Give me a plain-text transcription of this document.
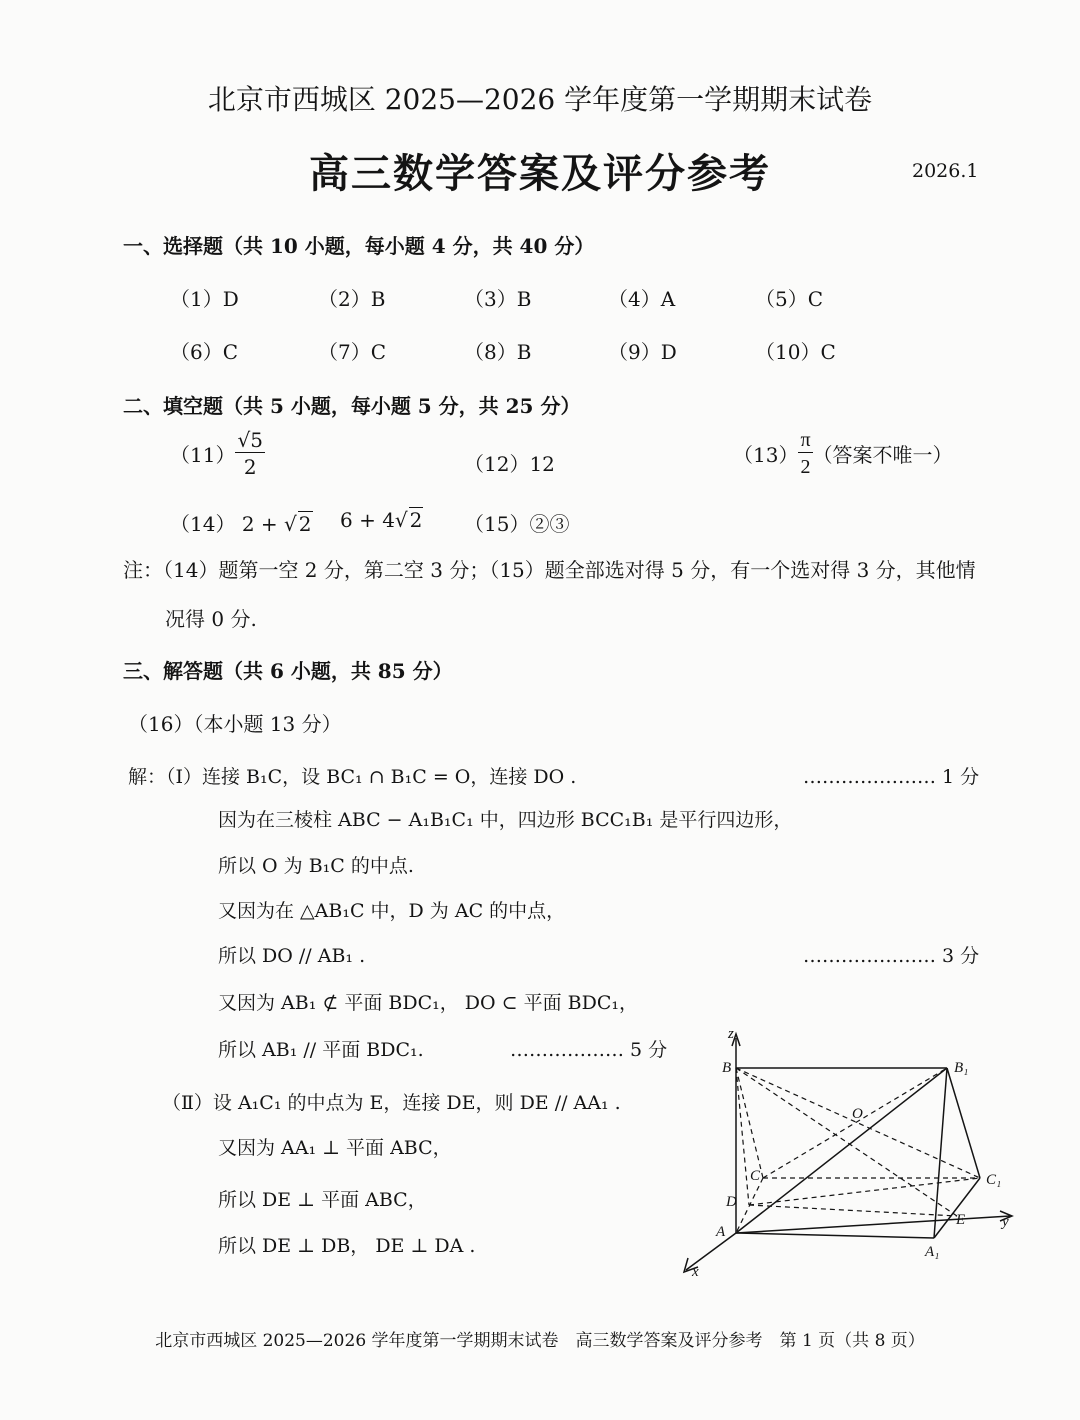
北京市西城区 2025—2026 学年度第一学期期末试卷
高三数学答案及评分参考	2026.1
一、选择题（共 10 小题，每小题 4 分，共 40 分）
（1）D	（2）B	（3）B	（4）A	（5）C
（6）C	（7）C	（8）B	（9）D	（10）C
二、填空题（共 5 小题，每小题 5 分，共 25 分）
$(11) \frac{√5}{2}$	（12）12	$(13) \frac{\pi}{2}$ （答案不唯一）
（14） 2 + √ 2 6 + 4√ 2 （15）②③
注：（14）题第一空 2 分，第二空 3 分；（15）题全部选对得 5 分，有一个选对得 3 分，其他情
况得 0 分.
三、解答题（共 6 小题，共 85 分）
（16）（本小题 13 分）
解：（Ⅰ）连接 B₁C，设 BC₁ ∩ B₁C = O，连接 DO .	………………… 1 分
因为在三棱柱 ABC − A₁B₁C₁ 中，四边形 BCC₁B₁ 是平行四边形，
所以 O 为 B₁C 的中点.
又因为在 △AB₁C 中，D 为 AC 的中点，
所以 DO // AB₁ .	………………… 3 分
又因为 AB₁ ⊄ 平面 BDC₁， DO ⊂ 平面 BDC₁，
所以 AB₁ // 平面 BDC₁.	……………… 5 分
（Ⅱ）设 A₁C₁ 的中点为 E，连接 DE，则 DE // AA₁ .
又因为 AA₁ ⊥ 平面 ABC，
所以 DE ⊥ 平面 ABC，
所以 DE ⊥ DB， DE ⊥ DA .
z
B	B₁
O
C	C₁
D
A
E y
A₁
x
北京市西城区 2025—2026 学年度第一学期期末试卷　高三数学答案及评分参考　第 1 页（共 8 页）
